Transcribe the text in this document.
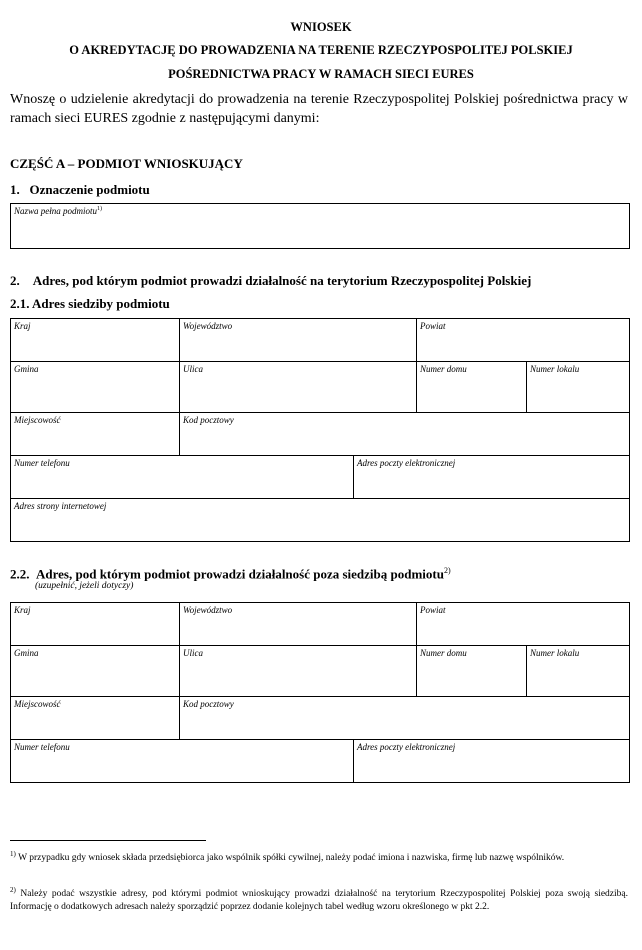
WNIOSEK
O AKREDYTACJĘ DO PROWADZENIA NA TERENIE RZECZYPOSPOLITEJ POLSKIEJ
POŚREDNICTWA PRACY W RAMACH SIECI EURES
Wnoszę o udzielenie akredytacji do prowadzenia na terenie Rzeczypospolitej Polskiej pośrednictwa pracy w ramach sieci EURES zgodnie z następującymi danymi:
CZĘŚĆ A – PODMIOT WNIOSKUJĄCY
1. Oznaczenie podmiotu
Nazwa pełna podmiotu$^{1)}$
2. Adres, pod którym podmiot prowadzi działalność na terytorium Rzeczypospolitej Polskiej
2.1. Adres siedziby podmiotu
Kraj	Województwo	Powiat
Gmina	Ulica	Numer domu	Numer lokalu
Miejscowość	Kod pocztowy
Numer telefonu	Adres poczty elektronicznej
Adres strony internetowej
2.2. Adres, pod którym podmiot prowadzi działalność poza siedzibą podmiotu$^{2)}$
(uzupełnić, jeżeli dotyczy)
Kraj	Województwo	Powiat
Gmina	Ulica	Numer domu	Numer lokalu
Miejscowość	Kod pocztowy
Numer telefonu	Adres poczty elektronicznej
$^{1)}$ W przypadku gdy wniosek składa przedsiębiorca jako wspólnik spółki cywilnej, należy podać imiona i nazwiska, firmę lub nazwę wspólników.
$^{2)}$ Należy podać wszystkie adresy, pod którymi podmiot wnioskujący prowadzi działalność na terytorium Rzeczypospolitej Polskiej poza swoją siedzibą. Informację o dodatkowych adresach należy sporządzić poprzez dodanie kolejnych tabel według wzoru określonego w pkt 2.2.
